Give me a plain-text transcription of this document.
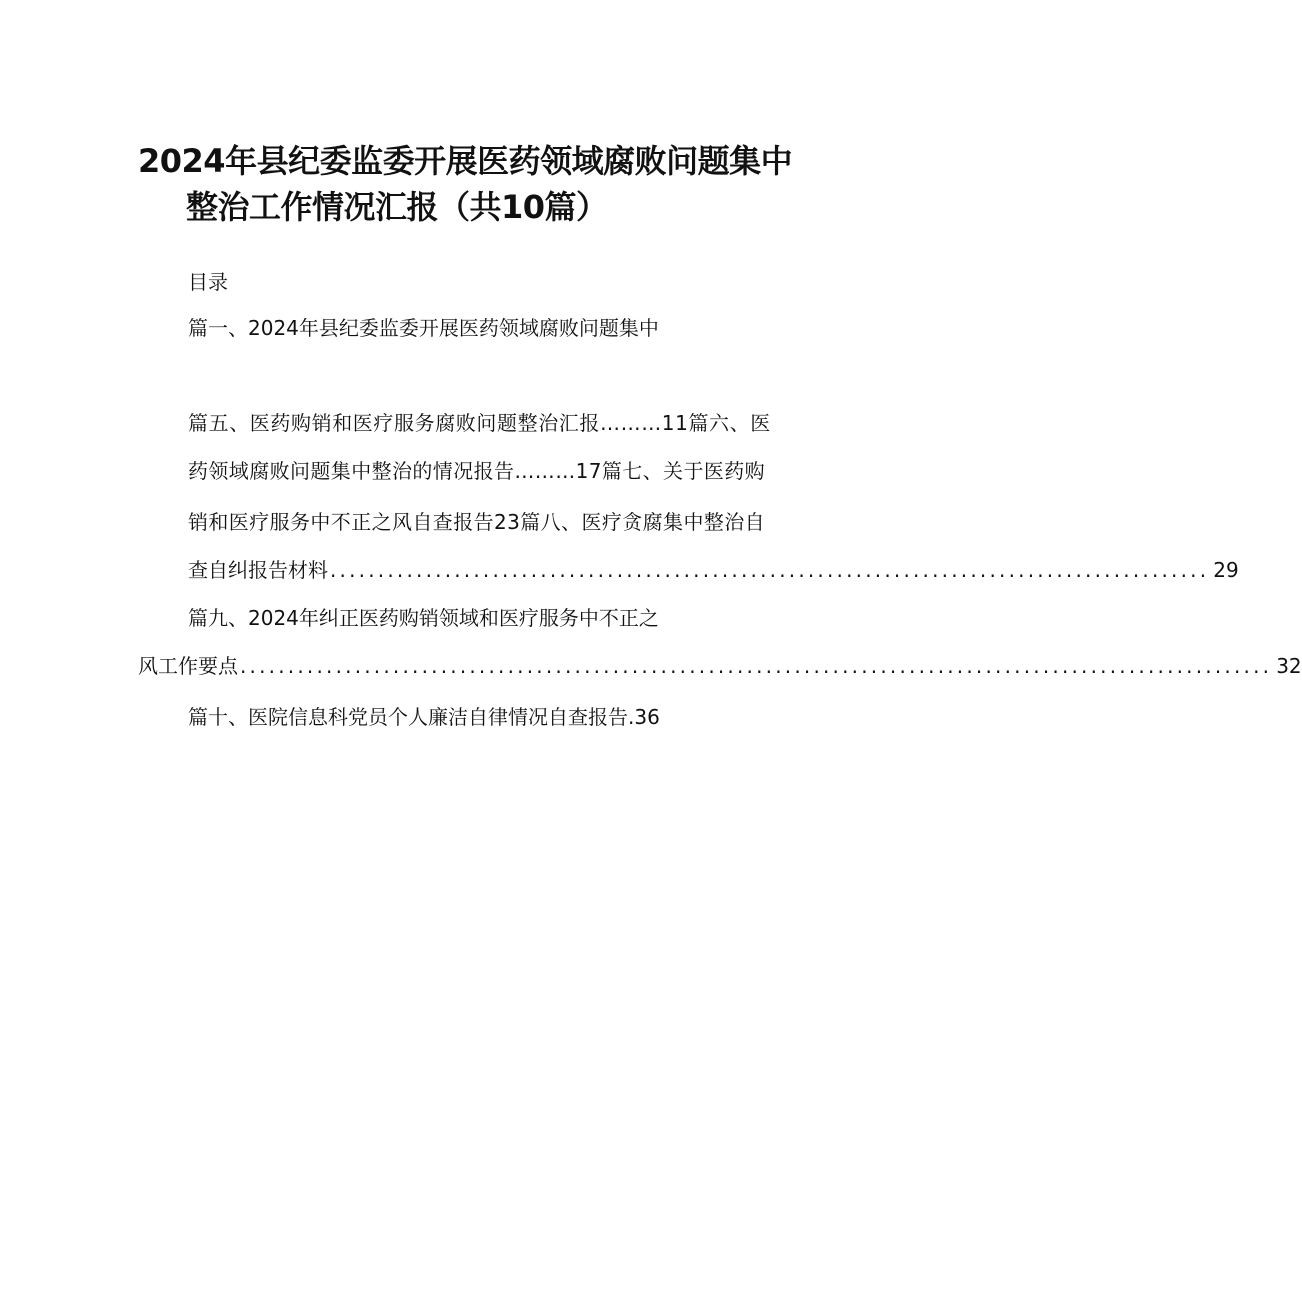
2024年县纪委监委开展医药领域腐败问题集中
整治工作情况汇报（共10篇）
目录
篇一、2024年县纪委监委开展医药领域腐败问题集中
篇五、医药购销和医疗服务腐败问题整治汇报………11篇六、医
药领域腐败问题集中整治的情况报告………17篇七、关于医药购
销和医疗服务中不正之风自查报告23篇八、医疗贪腐集中整治自
查自纠报告材料 ............................................................................................ 29
篇九、2024年纠正医药购销领域和医疗服务中不正之
风工作要点 ............................................................................................................ 32
篇十、医院信息科党员个人廉洁自律情况自查报告.36
